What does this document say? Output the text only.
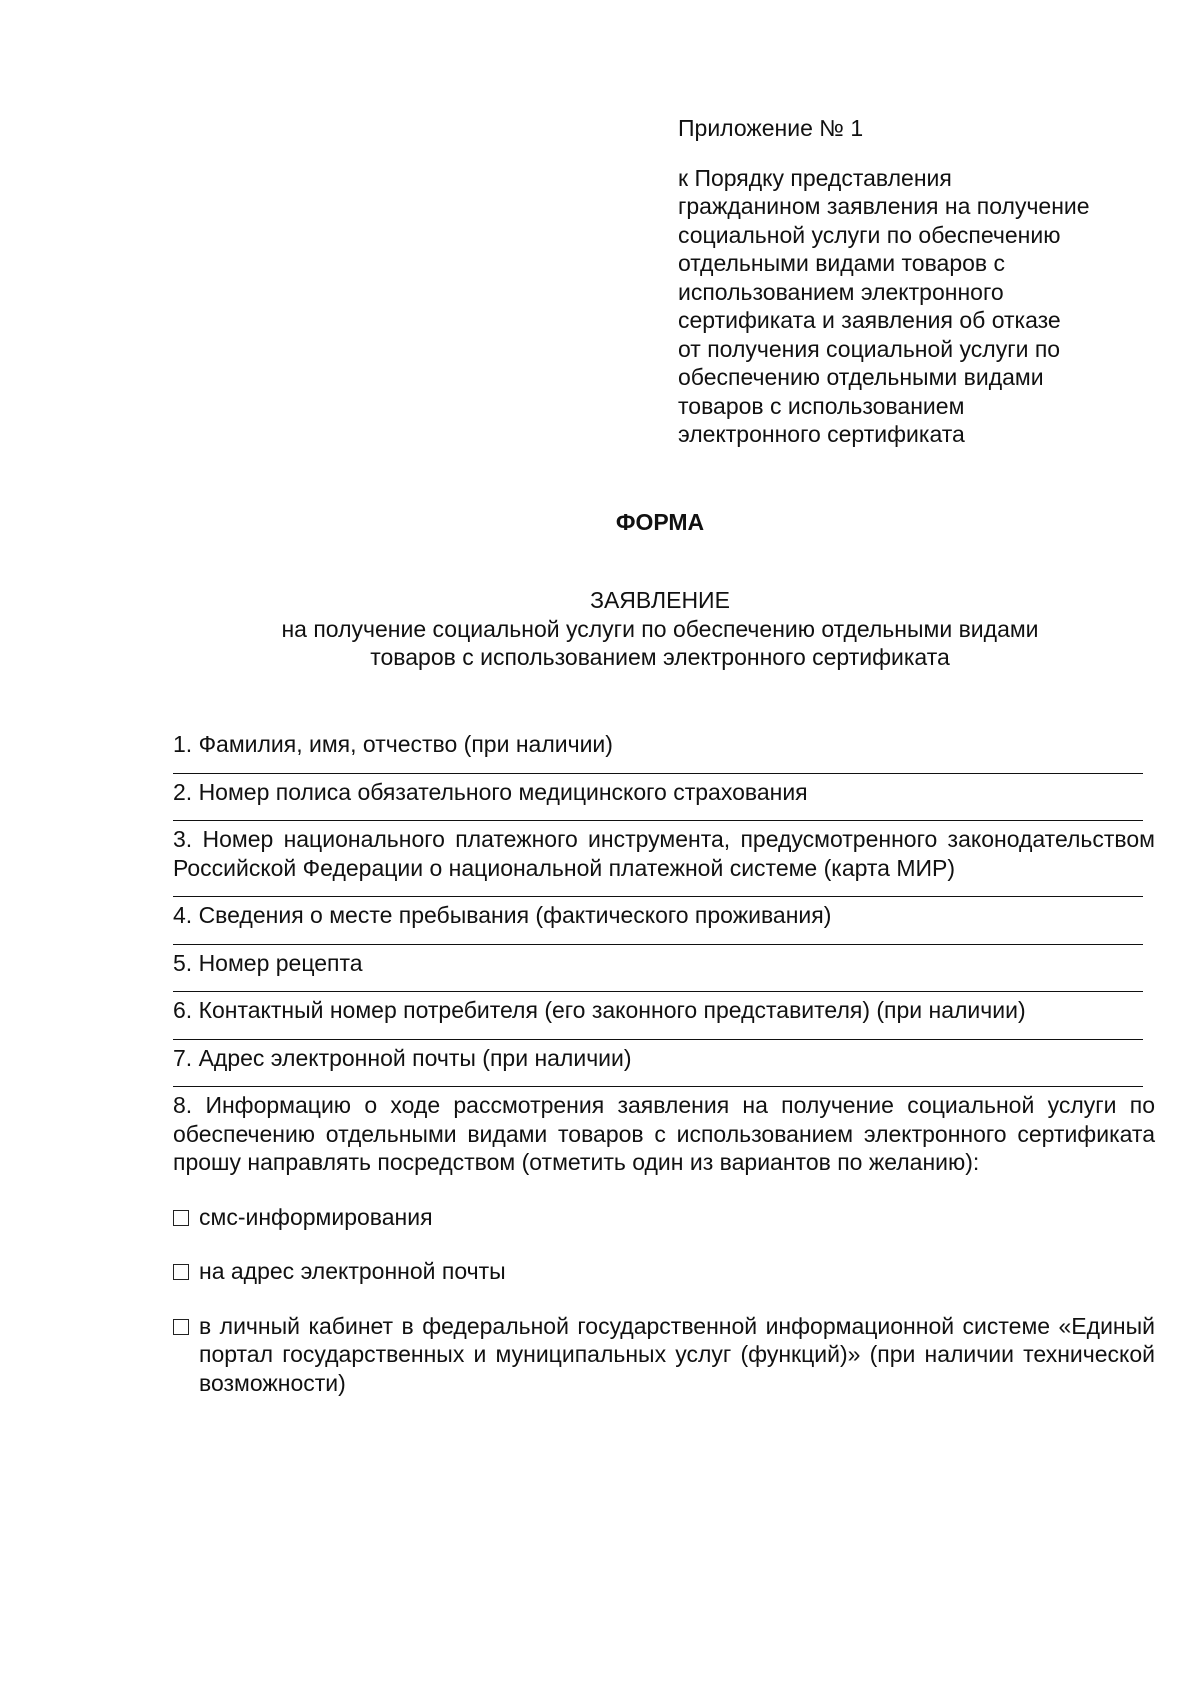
Приложение № 1
к Порядку представления
гражданином заявления на получение
социальной услуги по обеспечению
отдельными видами товаров с
использованием электронного
сертификата и заявления об отказе
от получения социальной услуги по
обеспечению отдельными видами
товаров с использованием
электронного сертификата
ФОРМА
ЗАЯВЛЕНИЕ
на получение социальной услуги по обеспечению отдельными видами
товаров с использованием электронного сертификата
1. Фамилия, имя, отчество (при наличии)
2. Номер полиса обязательного медицинского страхования
3. Номер национального платежного инструмента, предусмотренного законодательством Российской Федерации о национальной платежной системе (карта МИР)
4. Сведения о месте пребывания (фактического проживания)
5. Номер рецепта
6. Контактный номер потребителя (его законного представителя) (при наличии)
7. Адрес электронной почты (при наличии)
8. Информацию о ходе рассмотрения заявления на получение социальной услуги по обеспечению отдельными видами товаров с использованием электронного сертификата прошу направлять посредством (отметить один из вариантов по желанию):
смс-информирования
на адрес электронной почты
в личный кабинет в федеральной государственной информационной системе «Единый портал государственных и муниципальных услуг (функций)» (при наличии технической возможности)
